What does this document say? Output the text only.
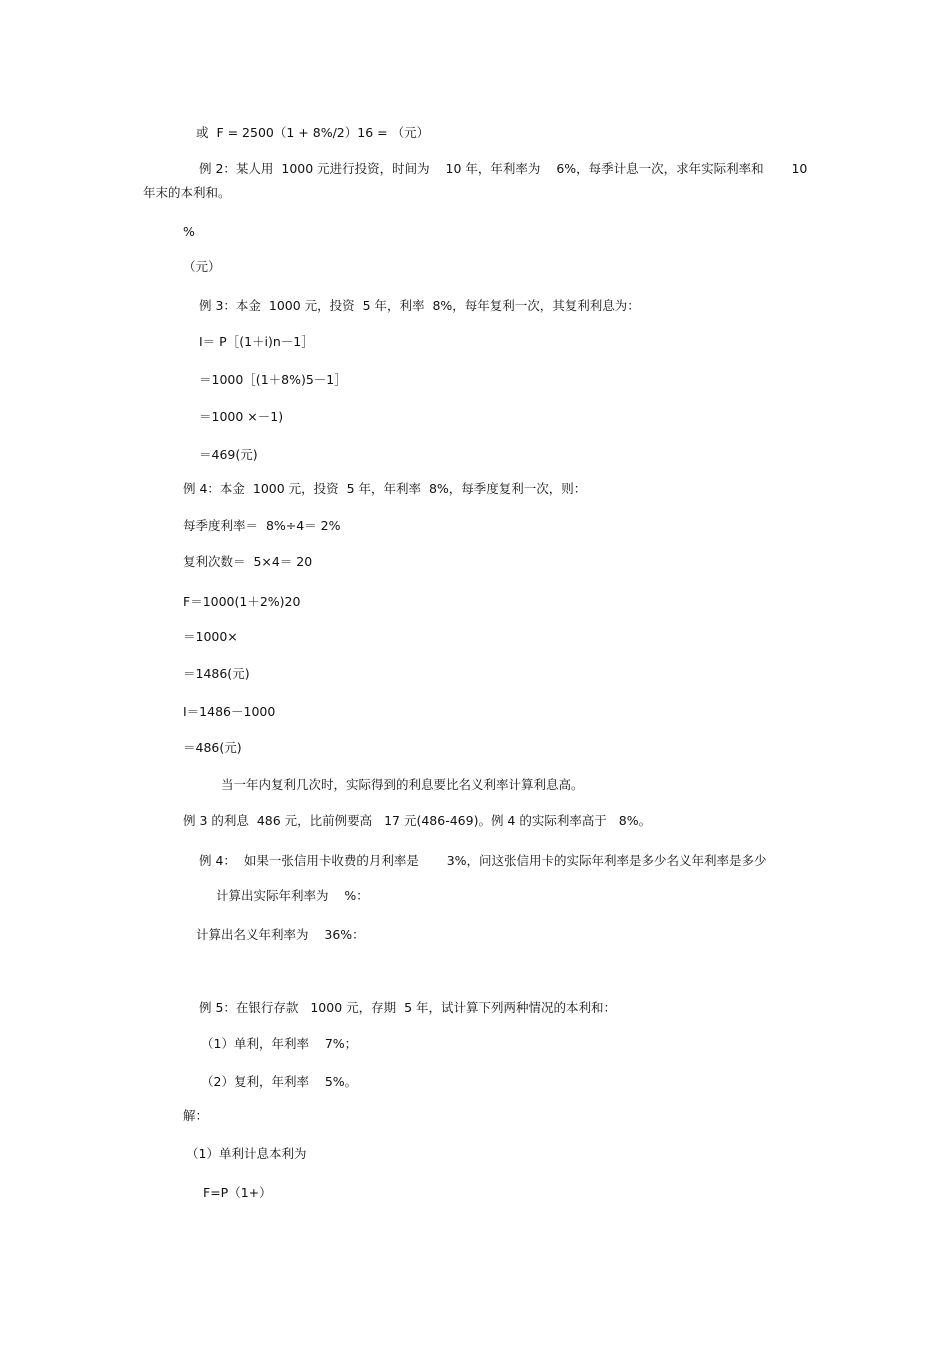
或  F = 2500（1 + 8%/2）16 = （元）
例 2：某人用  1000 元进行投资，时间为    10 年，年利率为    6%，每季计息一次，求年实际利率和       10
年末的本利和。
%
（元）
例 3：本金  1000 元，投资  5 年，利率  8%，每年复利一次，其复利利息为：
I＝ P［(1＋i)n－1］
＝1000［(1＋8%)5－1］
＝1000 ×－1)
＝469(元)
例 4：本金  1000 元，投资  5 年，年利率  8%，每季度复利一次，则：
每季度利率＝  8%÷4＝ 2%
复利次数＝  5×4＝ 20
F＝1000(1＋2%)20
＝1000×
＝1486(元)
I＝1486－1000
＝486(元)
当一年内复利几次时，实际得到的利息要比名义利率计算利息高。
例 3 的利息  486 元，比前例要高   17 元(486-469)。例 4 的实际利率高于   8%。
例 4：  如果一张信用卡收费的月利率是       3%，问这张信用卡的实际年利率是多少名义年利率是多少
计算出实际年利率为    %：
计算出名义年利率为    36%：
例 5：在银行存款   1000 元，存期  5 年，试计算下列两种情况的本利和：
（1）单利，年利率    7%；
（2）复利，年利率    5%。
解：
（1）单利计息本利为
F=P（1+）
